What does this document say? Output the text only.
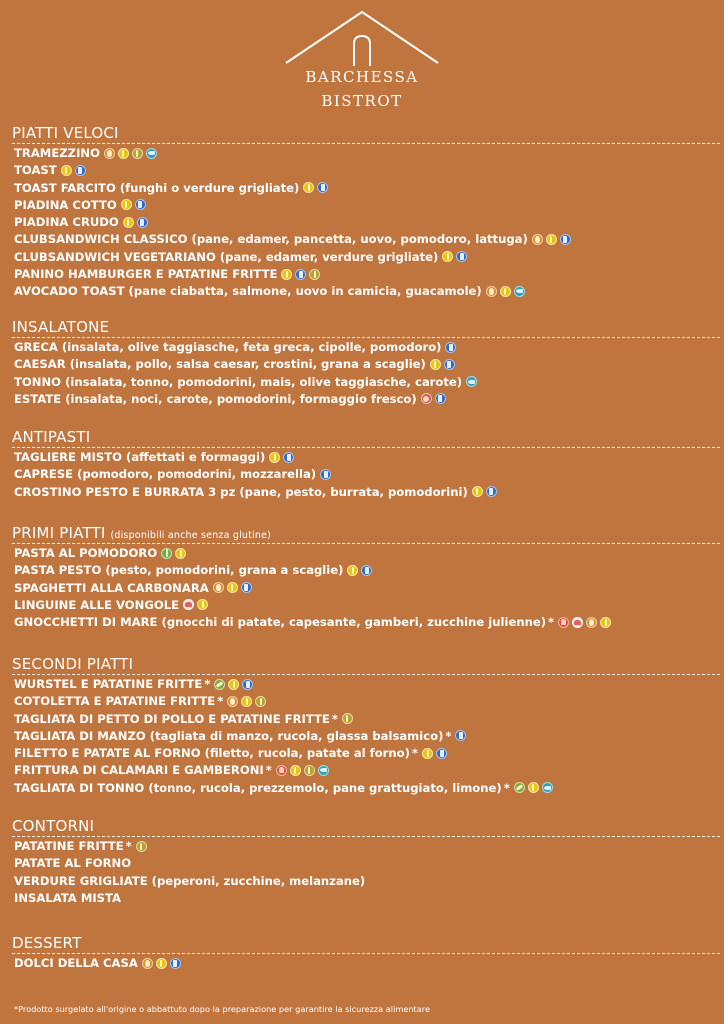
BARCHESSA
BISTROT
PIATTI VELOCI
TRAMEZZINO
TOAST
TOAST FARCITO (funghi o verdure grigliate)
PIADINA COTTO
PIADINA CRUDO
CLUBSANDWICH CLASSICO (pane, edamer, pancetta, uovo, pomodoro, lattuga)
CLUBSANDWICH VEGETARIANO (pane, edamer, verdure grigliate)
PANINO HAMBURGER E PATATINE FRITTE
AVOCADO TOAST (pane ciabatta, salmone, uovo in camicia, guacamole)
INSALATONE
GRECA (insalata, olive taggiasche, feta greca, cipolle, pomodoro)
CAESAR (insalata, pollo, salsa caesar, crostini, grana a scaglie)
TONNO (insalata, tonno, pomodorini, mais, olive taggiasche, carote)
ESTATE (insalata, noci, carote, pomodorini, formaggio fresco)
ANTIPASTI
TAGLIERE MISTO (affettati e formaggi)
CAPRESE (pomodoro, pomodorini, mozzarella)
CROSTINO PESTO E BURRATA 3 pz (pane, pesto, burrata, pomodorini)
PRIMI PIATTI (disponibili anche senza glutine)
PASTA AL POMODORO
PASTA PESTO (pesto, pomodorini, grana a scaglie)
SPAGHETTI ALLA CARBONARA
LINGUINE ALLE VONGOLE
GNOCCHETTI DI MARE (gnocchi di patate, capesante, gamberi, zucchine julienne) *
SECONDI PIATTI
WURSTEL E PATATINE FRITTE *
COTOLETTA E PATATINE FRITTE *
TAGLIATA DI PETTO DI POLLO E PATATINE FRITTE *
TAGLIATA DI MANZO (tagliata di manzo, rucola, glassa balsamico) *
FILETTO E PATATE AL FORNO (filetto, rucola, patate al forno) *
FRITTURA DI CALAMARI E GAMBERONI *
TAGLIATA DI TONNO (tonno, rucola, prezzemolo, pane grattugiato, limone) *
CONTORNI
PATATINE FRITTE *
PATATE AL FORNO
VERDURE GRIGLIATE (peperoni, zucchine, melanzane)
INSALATA MISTA
DESSERT
DOLCI DELLA CASA
*Prodotto surgelato all'origine o abbattuto dopo la preparazione per garantire la sicurezza alimentare
